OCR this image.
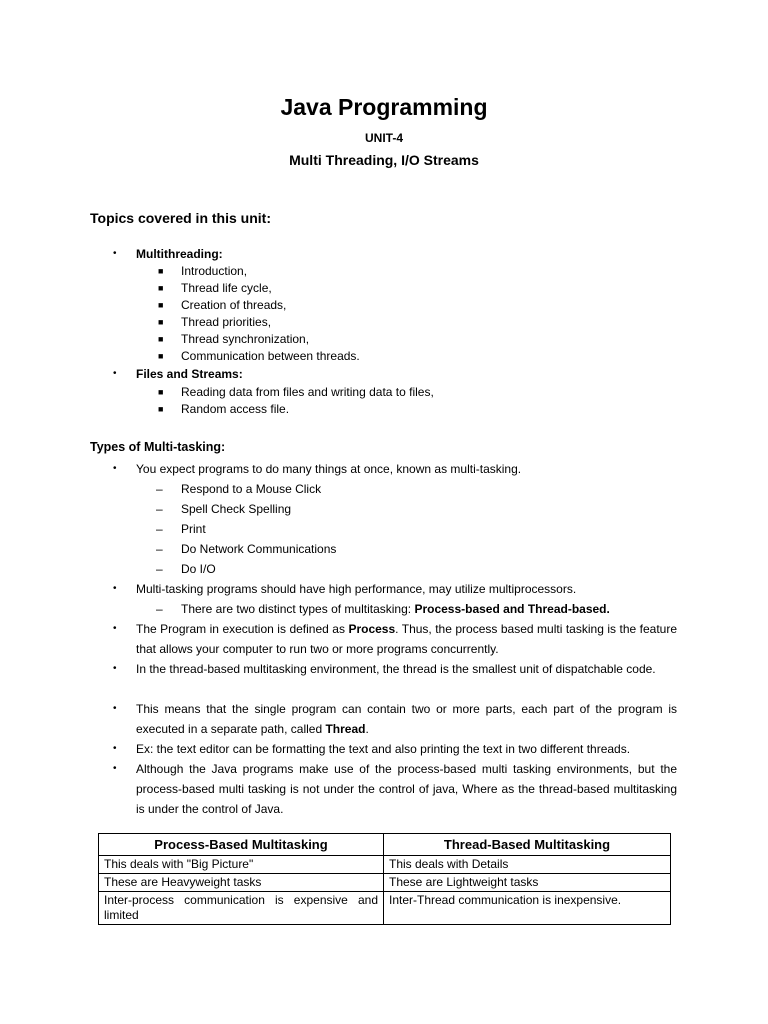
Java Programming
UNIT-4
Multi Threading, I/O Streams
Topics covered in this unit:
• Multithreading:
■ Introduction,
■ Thread life cycle,
■ Creation of threads,
■ Thread priorities,
■ Thread synchronization,
■ Communication between threads.
• Files and Streams:
■ Reading data from files and writing data to files,
■ Random access file.
Types of Multi-tasking:
• You expect programs to do many things at once, known as multi-tasking.
– Respond to a Mouse Click
– Spell Check Spelling
– Print
– Do Network Communications
– Do I/O
• Multi-tasking programs should have high performance, may utilize multiprocessors.
– There are two distinct types of multitasking: Process-based and Thread-based.
• The Program in execution is defined as Process. Thus, the process based multi tasking is the feature that allows your computer to run two or more programs concurrently.
• In the thread-based multitasking environment, the thread is the smallest unit of dispatchable code.
• This means that the single program can contain two or more parts, each part of the program is executed in a separate path, called Thread.
• Ex: the text editor can be formatting the text and also printing the text in two different threads.
• Although the Java programs make use of the process-based multi tasking environments, but the process-based multi tasking is not under the control of java, Where as the thread-based multitasking is under the control of Java.
Process-Based Multitasking	Thread-Based Multitasking
This deals with "Big Picture"	This deals with Details
These are Heavyweight tasks	These are Lightweight tasks
Inter-process communication is expensive and limited	Inter-Thread communication is inexpensive.
